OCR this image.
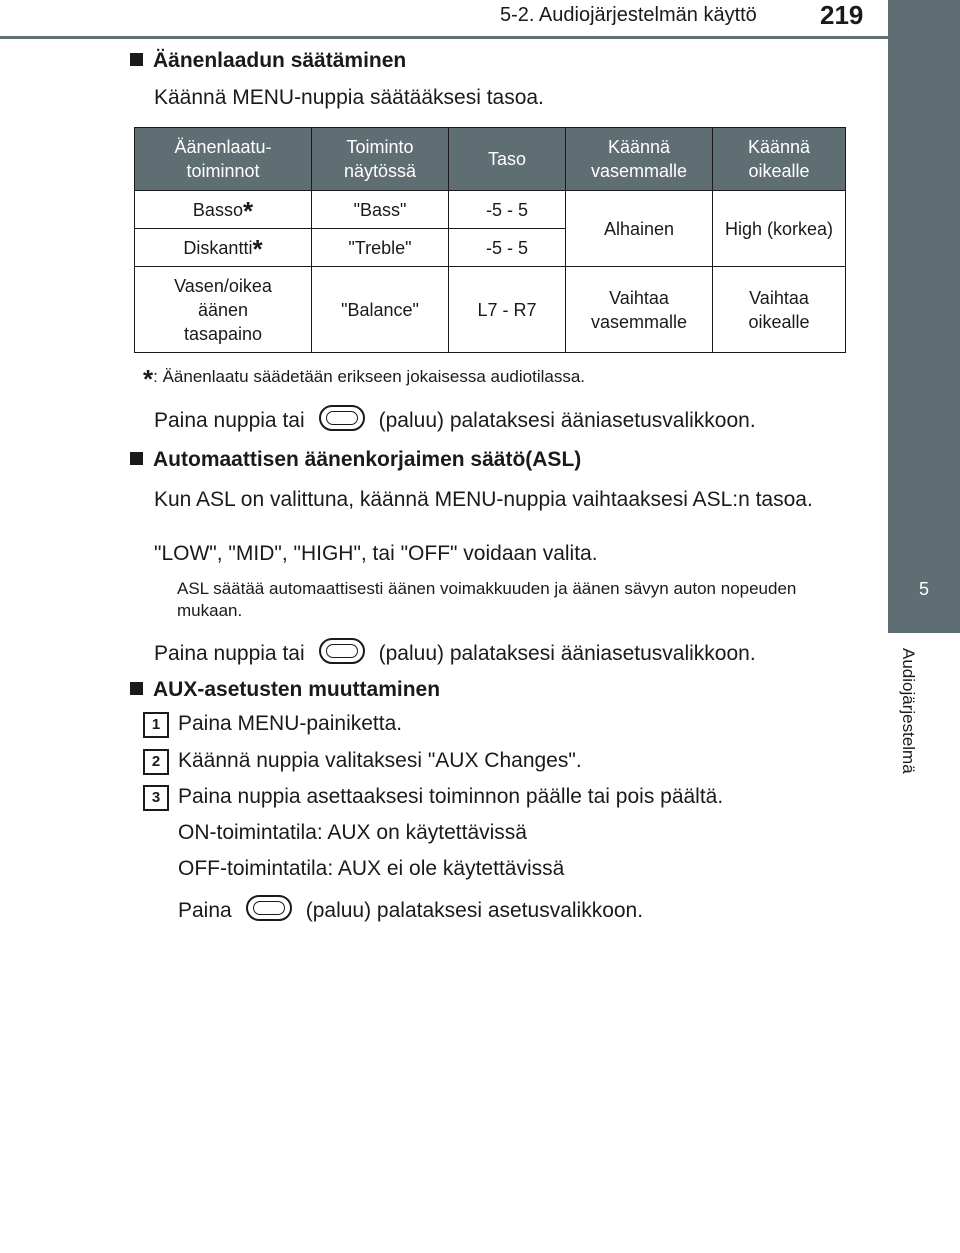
5-2. Audiojärjestelmän käyttö 219
5
Audiojärjestelmä
Äänenlaadun säätäminen
Käännä MENU-nuppia säätääksesi tasoa.
Äänenlaatu-
toiminnot	Toiminto
näytössä	Taso	Käännä
vasemmalle	Käännä
oikealle
Basso*	"Bass"	-5 - 5	Alhainen	High (korkea)
Diskantti*	"Treble"	-5 - 5		
Vasen/oikea
äänen
tasapaino	"Balance"	L7 - R7	Vaihtaa
vasemmalle	Vaihtaa
oikealle
*: Äänenlaatu säädetään erikseen jokaisessa audiotilassa.
Paina nuppia tai	(paluu) palataksesi ääniasetusvalikkoon.
Automaattisen äänenkorjaimen säätö(ASL)
Kun ASL on valittuna, käännä MENU-nuppia vaihtaaksesi ASL:n tasoa.
"LOW", "MID", "HIGH", tai "OFF" voidaan valita.
ASL säätää automaattisesti äänen voimakkuuden ja äänen sävyn auton nopeuden mukaan.
Paina nuppia tai	(paluu) palataksesi ääniasetusvalikkoon.
AUX-asetusten muuttaminen
1 Paina MENU-painiketta.
2 Käännä nuppia valitaksesi "AUX Changes".
3 Paina nuppia asettaaksesi toiminnon päälle tai pois päältä.
ON-toimintatila: AUX on käytettävissä
OFF-toimintatila: AUX ei ole käytettävissä
Paina	(paluu) palataksesi asetusvalikkoon.
